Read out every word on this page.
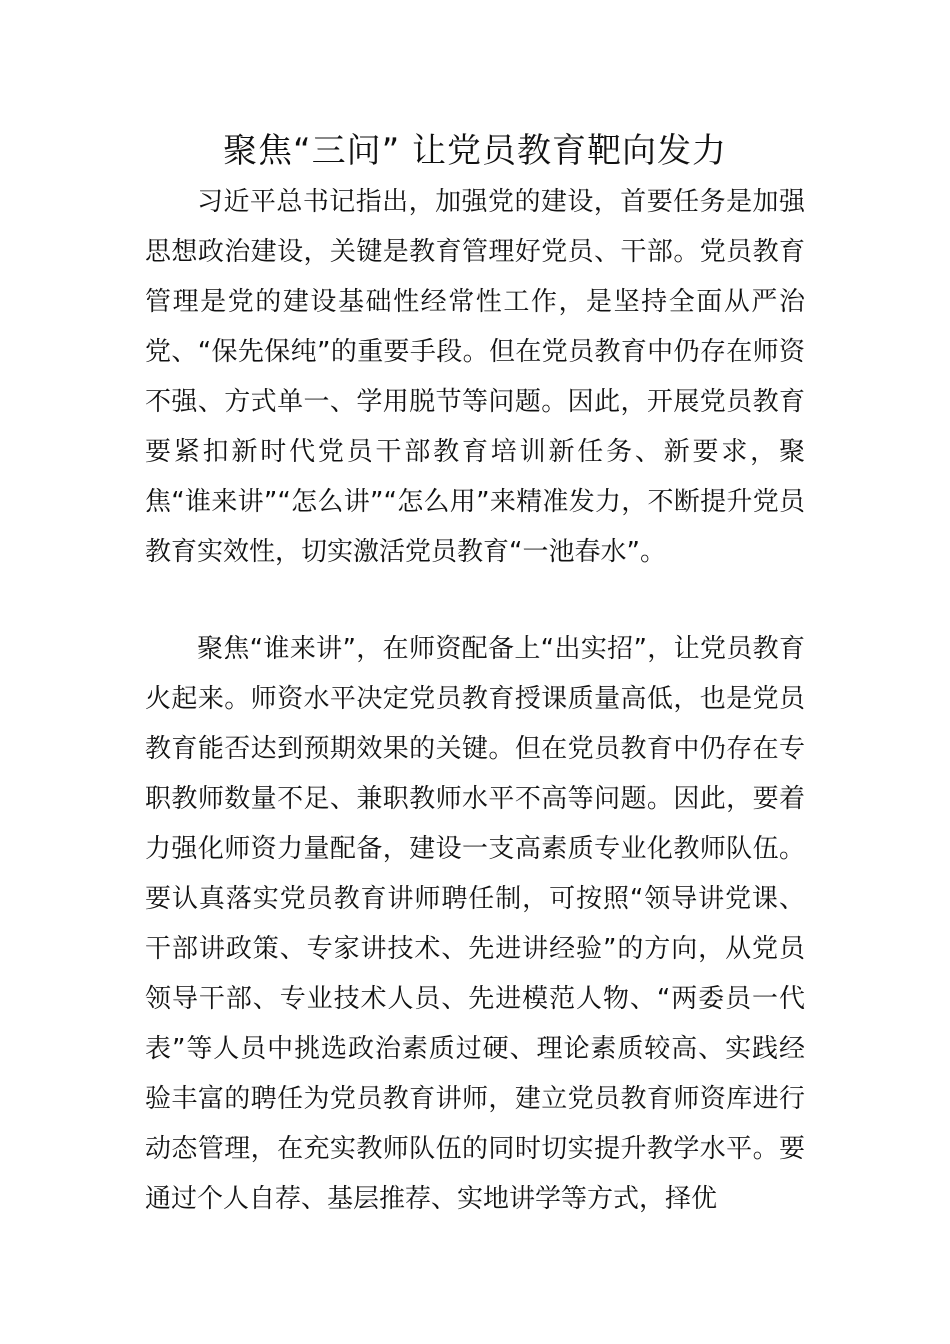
聚焦“三问” 让党员教育靶向发力

习近平总书记指出，加强党的建设，首要任务是加强思想政治建设，关键是教育管理好党员、干部。党员教育管理是党的建设基础性经常性工作，是坚持全面从严治党、“保先保纯”的重要手段。但在党员教育中仍存在师资不强、方式单一、学用脱节等问题。因此，开展党员教育要紧扣新时代党员干部教育培训新任务、新要求，聚焦“谁来讲”“怎么讲”“怎么用”来精准发力，不断提升党员教育实效性，切实激活党员教育“一池春水”。

聚焦“谁来讲”，在师资配备上“出实招”，让党员教育火起来。师资水平决定党员教育授课质量高低，也是党员教育能否达到预期效果的关键。但在党员教育中仍存在专职教师数量不足、兼职教师水平不高等问题。因此，要着力强化师资力量配备，建设一支高素质专业化教师队伍。要认真落实党员教育讲师聘任制，可按照“领导讲党课、干部讲政策、专家讲技术、先进讲经验”的方向，从党员领导干部、专业技术人员、先进模范人物、“两委员一代表”等人员中挑选政治素质过硬、理论素质较高、实践经验丰富的聘任为党员教育讲师，建立党员教育师资库进行动态管理，在充实教师队伍的同时切实提升教学水平。要通过个人自荐、基层推荐、实地讲学等方式，择优
